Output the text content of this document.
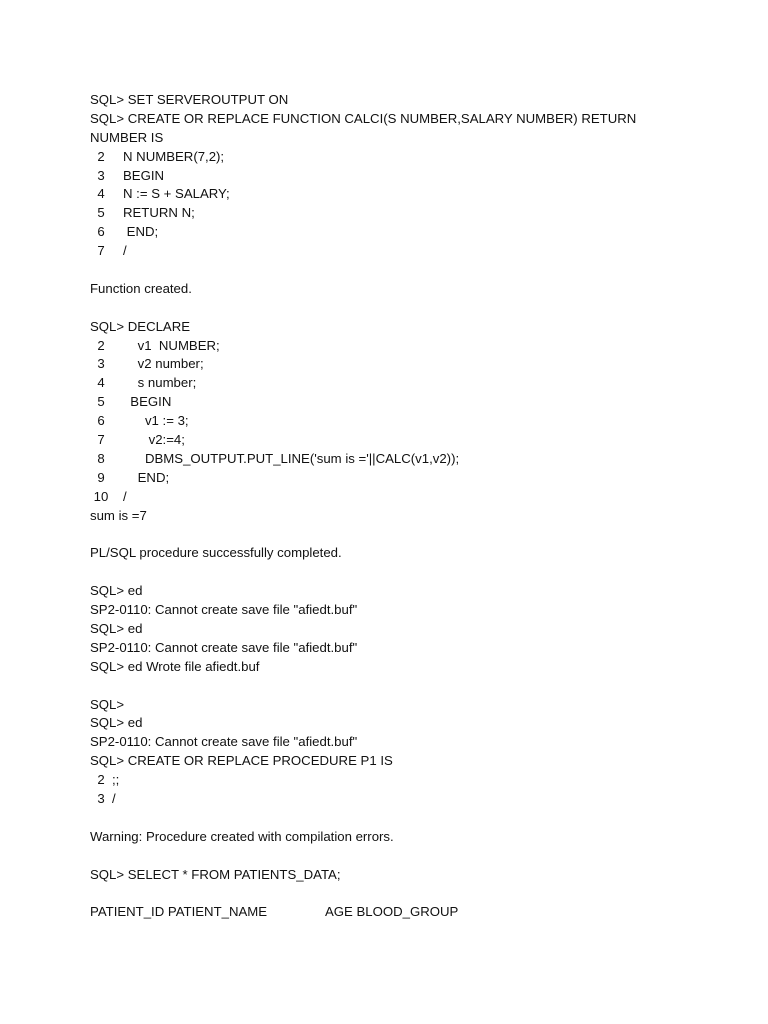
SQL> SET SERVEROUTPUT ON
SQL> CREATE OR REPLACE FUNCTION CALCI(S NUMBER,SALARY NUMBER) RETURN
NUMBER IS
2     N NUMBER(7,2);
3     BEGIN
4     N := S + SALARY;
5     RETURN N;
6      END;
7     /
Function created.
SQL> DECLARE
2         v1  NUMBER;
3         v2 number;
4         s number;
5       BEGIN
6           v1 := 3;
7            v2:=4;
8           DBMS_OUTPUT.PUT_LINE('sum is ='||CALC(v1,v2));
9         END;
10    /
sum is =7
PL/SQL procedure successfully completed.
SQL> ed
SP2-0110: Cannot create save file "afiedt.buf"
SQL> ed
SP2-0110: Cannot create save file "afiedt.buf"
SQL> ed Wrote file afiedt.buf
SQL>
SQL> ed
SP2-0110: Cannot create save file "afiedt.buf"
SQL> CREATE OR REPLACE PROCEDURE P1 IS
2  ;;
3  /
Warning: Procedure created with compilation errors.
SQL> SELECT * FROM PATIENTS_DATA;
PATIENT_ID PATIENT_NAME                AGE BLOOD_GROUP
